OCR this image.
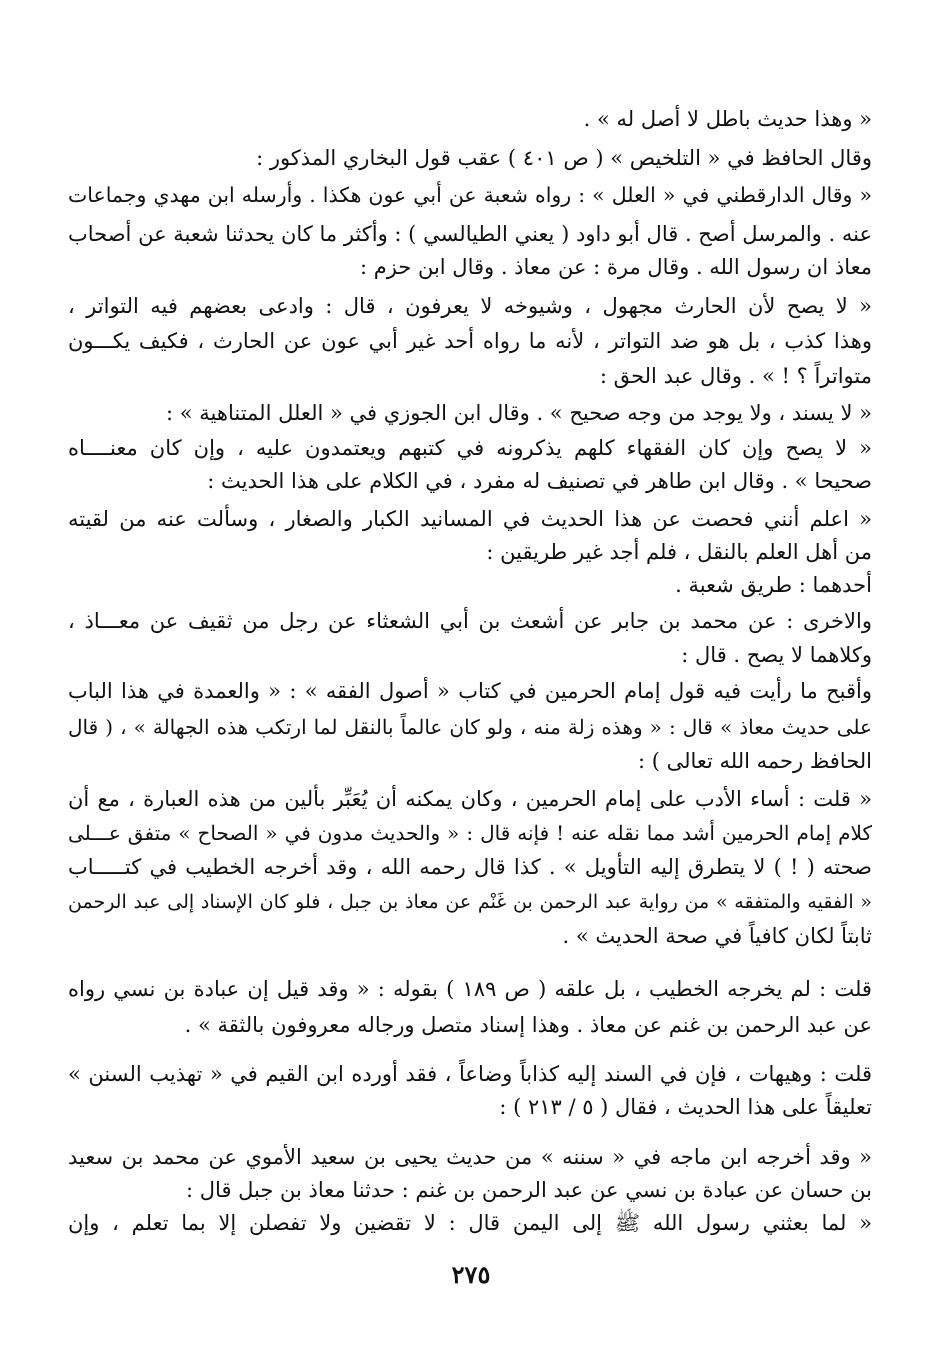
« وهذا حديث باطل لا أصل له » .
وقال الحافظ في « التلخيص » ( ص ٤٠١ ) عقب قول البخاري المذكور :
« وقال الدارقطني في « العلل » : رواه شعبة عن أبي عون هكذا . وأرسله ابن مهدي وجماعات
عنه . والمرسل أصح . قال أبو داود ( يعني الطيالسي ) : وأكثر ما كان يحدثنا شعبة عن أصحاب
معاذ ان رسول الله . وقال مرة : عن معاذ . وقال ابن حزم :
« لا يصح لأن الحارث مجهول ، وشيوخه لا يعرفون ، قال : وادعى بعضهم فيه التواتر ،
وهذا كذب ، بل هو ضد التواتر ، لأنه ما رواه أحد غير أبي عون عن الحارث ، فكيف يكـــون
متواتراً ؟ ! » . وقال عبد الحق :
« لا يسند ، ولا يوجد من وجه صحيح » . وقال ابن الجوزي في « العلل المتناهية » :
« لا يصح وإن كان الفقهاء كلهم يذكرونه في كتبهم ويعتمدون عليه ، وإن كان معنــــاه
صحيحا » . وقال ابن طاهر في تصنيف له مفرد ، في الكلام على هذا الحديث :
« اعلم أنني فحصت عن هذا الحديث في المسانيد الكبار والصغار ، وسألت عنه من لقيته
من أهل العلم بالنقل ، فلم أجد غير طريقين :
أحدهما : طريق شعبة .
والاخرى : عن محمد بن جابر عن أشعث بن أبي الشعثاء عن رجل من ثقيف عن معـــاذ ،
وكلاهما لا يصح . قال :
وأقبح ما رأيت فيه قول إمام الحرمين في كتاب « أصول الفقه » : « والعمدة في هذا الباب
على حديث معاذ » قال : « وهذه زلة منه ، ولو كان عالماً بالنقل لما ارتكب هذه الجهالة » ، ( قال
الحافظ رحمه الله تعالى ) :
« قلت : أساء الأدب على إمام الحرمين ، وكان يمكنه أن يُعَبِّر بألين من هذه العبارة ، مع أن
كلام إمام الحرمين أشد مما نقله عنه ! فإنه قال : « والحديث مدون في « الصحاح » متفق عـــلى
صحته ( ! ) لا يتطرق إليه التأويل » . كذا قال رحمه الله ، وقد أخرجه الخطيب في كتـــــاب
« الفقيه والمتفقه » من رواية عبد الرحمن بن غَنْم عن معاذ بن جبل ، فلو كان الإسناد إلى عبد الرحمن
ثابتاً لكان كافياً في صحة الحديث » .
قلت : لم يخرجه الخطيب ، بل علقه ( ص ١٨٩ ) بقوله : « وقد قيل إن عبادة بن نسي رواه
عن عبد الرحمن بن غنم عن معاذ . وهذا إسناد متصل ورجاله معروفون بالثقة » .
قلت : وهيهات ، فإن في السند إليه كذاباً وضاعاً ، فقد أورده ابن القيم في « تهذيب السنن »
تعليقاً على هذا الحديث ، فقال ( ٥ / ٢١٣ ) :
« وقد أخرجه ابن ماجه في « سننه » من حديث يحيى بن سعيد الأموي عن محمد بن سعيد
بن حسان عن عبادة بن نسي عن عبد الرحمن بن غنم : حدثنا معاذ بن جبل قال :
« لما بعثني رسول الله ﷺ إلى اليمن قال : لا تقضين ولا تفصلن إلا بما تعلم ، وإن
٢٧٥
